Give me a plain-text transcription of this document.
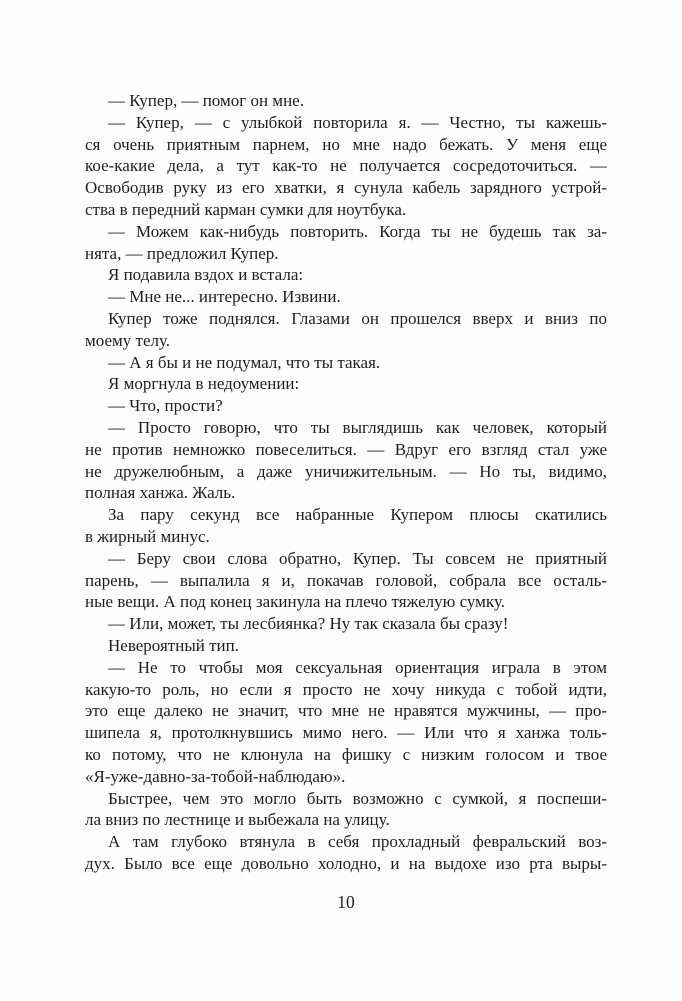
— Купер, — помог он мне.

— Купер, — с улыбкой повторила я. — Честно, ты кажешь-
ся очень приятным парнем, но мне надо бежать. У меня еще
кое-какие дела, а тут как-то не получается сосредоточиться. —
Освободив руку из его хватки, я сунула кабель зарядного устрой-
ства в передний карман сумки для ноутбука.

— Можем как-нибудь повторить. Когда ты не будешь так за-
нята, — предложил Купер.

Я подавила вздох и встала:

— Мне не... интересно. Извини.

Купер тоже поднялся. Глазами он прошелся вверх и вниз по
моему телу.

— А я бы и не подумал, что ты такая.

Я моргнула в недоумении:

— Что, прости?

— Просто говорю, что ты выглядишь как человек, который
не против немножко повеселиться. — Вдруг его взгляд стал уже
не дружелюбным, а даже уничижительным. — Но ты, видимо,
полная ханжа. Жаль.

За пару секунд все набранные Купером плюсы скатились
в жирный минус.

— Беру свои слова обратно, Купер. Ты совсем не приятный
парень, — выпалила я и, покачав головой, собрала все осталь-
ные вещи. А под конец закинула на плечо тяжелую сумку.

— Или, может, ты лесбиянка? Ну так сказала бы сразу!

Невероятный тип.

— Не то чтобы моя сексуальная ориентация играла в этом
какую-то роль, но если я просто не хочу никуда с тобой идти,
это еще далеко не значит, что мне не нравятся мужчины, — про-
шипела я, протолкнувшись мимо него. — Или что я ханжа толь-
ко потому, что не клюнула на фишку с низким голосом и твое
«Я-уже-давно-за-тобой-наблюдаю».

Быстрее, чем это могло быть возможно с сумкой, я поспеши-
ла вниз по лестнице и выбежала на улицу.

А там глубоко втянула в себя прохладный февральский воз-
дух. Было все еще довольно холодно, и на выдохе изо рта выры-

10
